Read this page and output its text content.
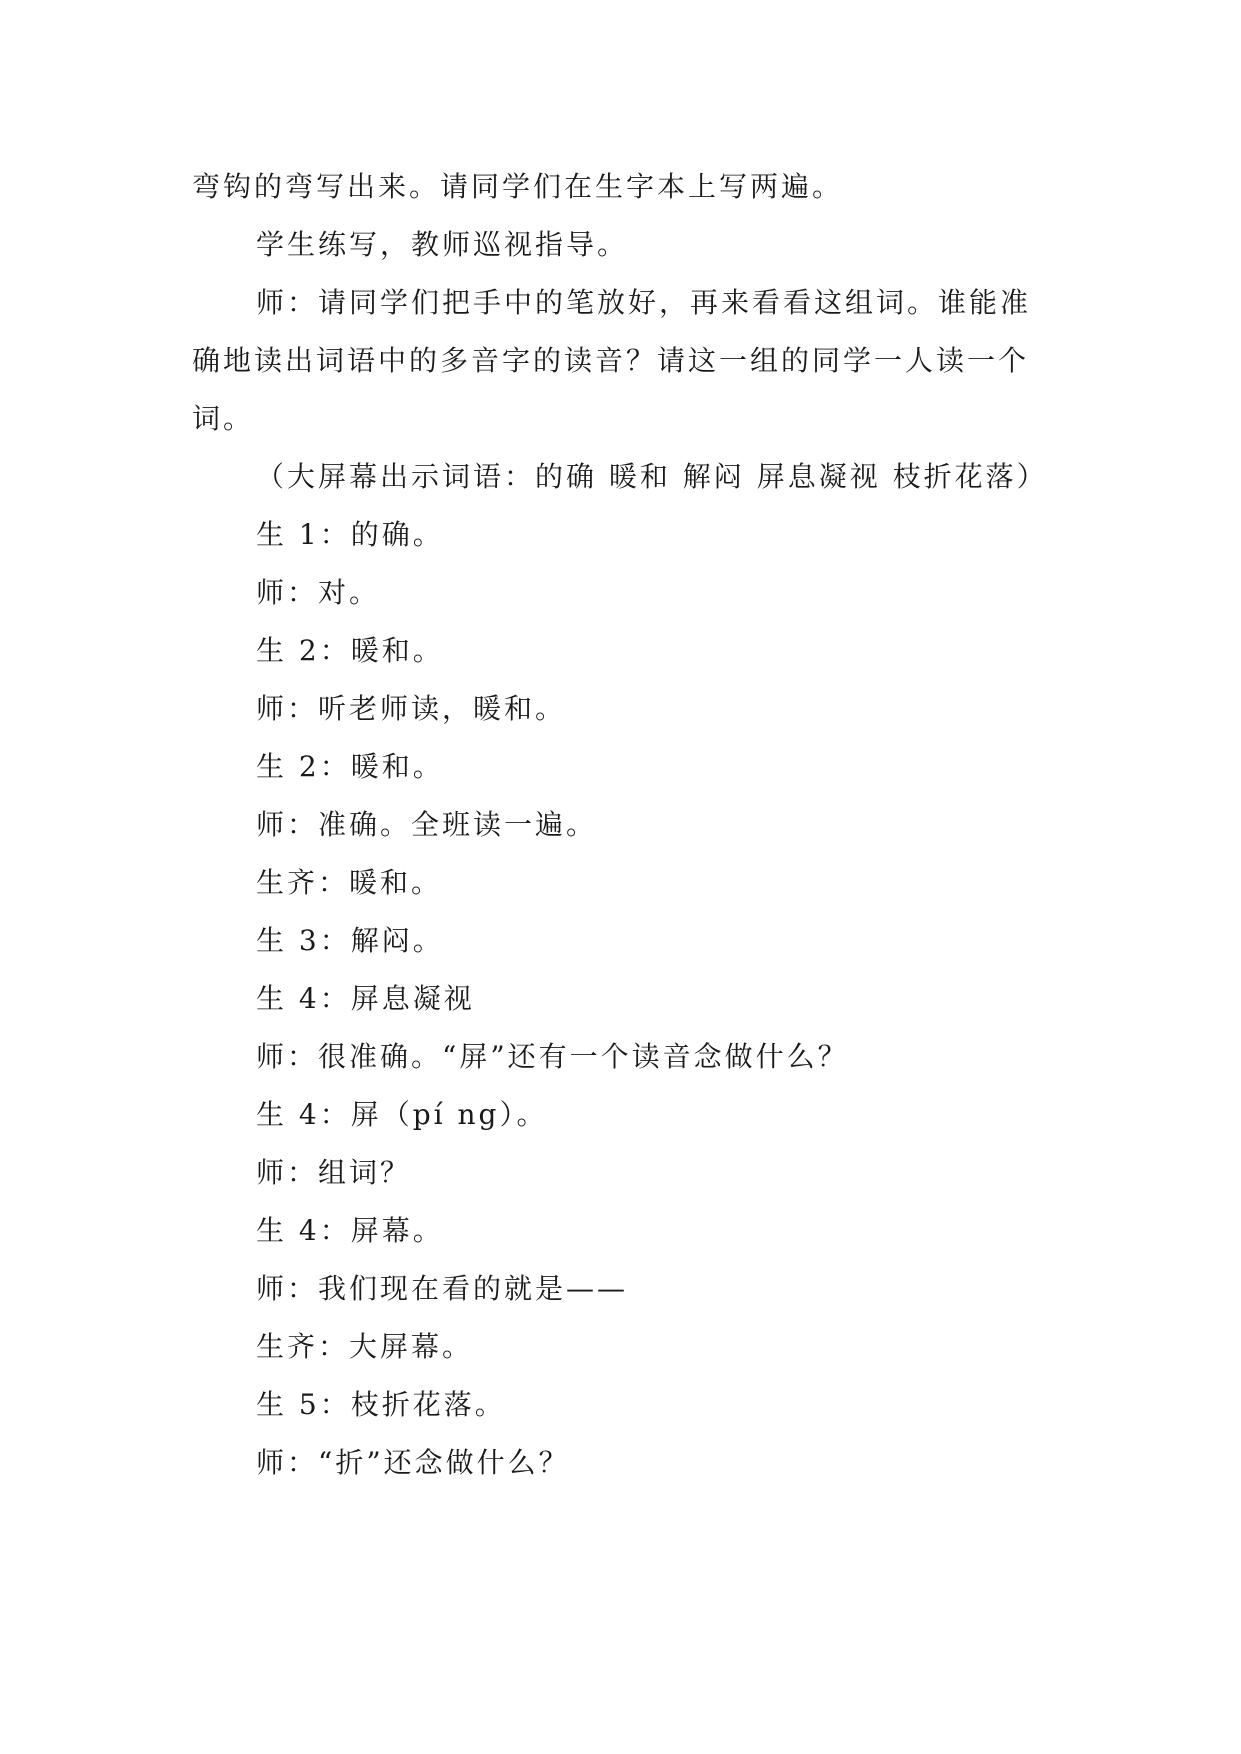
弯钩的弯写出来。请同学们在生字本上写两遍。

学生练写，教师巡视指导。

师：请同学们把手中的笔放好，再来看看这组词。谁能准确地读出词语中的多音字的读音？请这一组的同学一人读一个词。

（大屏幕出示词语：的确 暖和 解闷 屏息凝视 枝折花落）

生 1：的确。

师：对。

生 2：暖和。

师：听老师读，暖和。

生 2：暖和。

师：准确。全班读一遍。

生齐：暖和。

生 3：解闷。

生 4：屏息凝视

师：很准确。“屏”还有一个读音念做什么？

生 4：屏（pí ng）。

师：组词？

生 4：屏幕。

师：我们现在看的就是——

生齐：大屏幕。

生 5：枝折花落。

师：“折”还念做什么？
